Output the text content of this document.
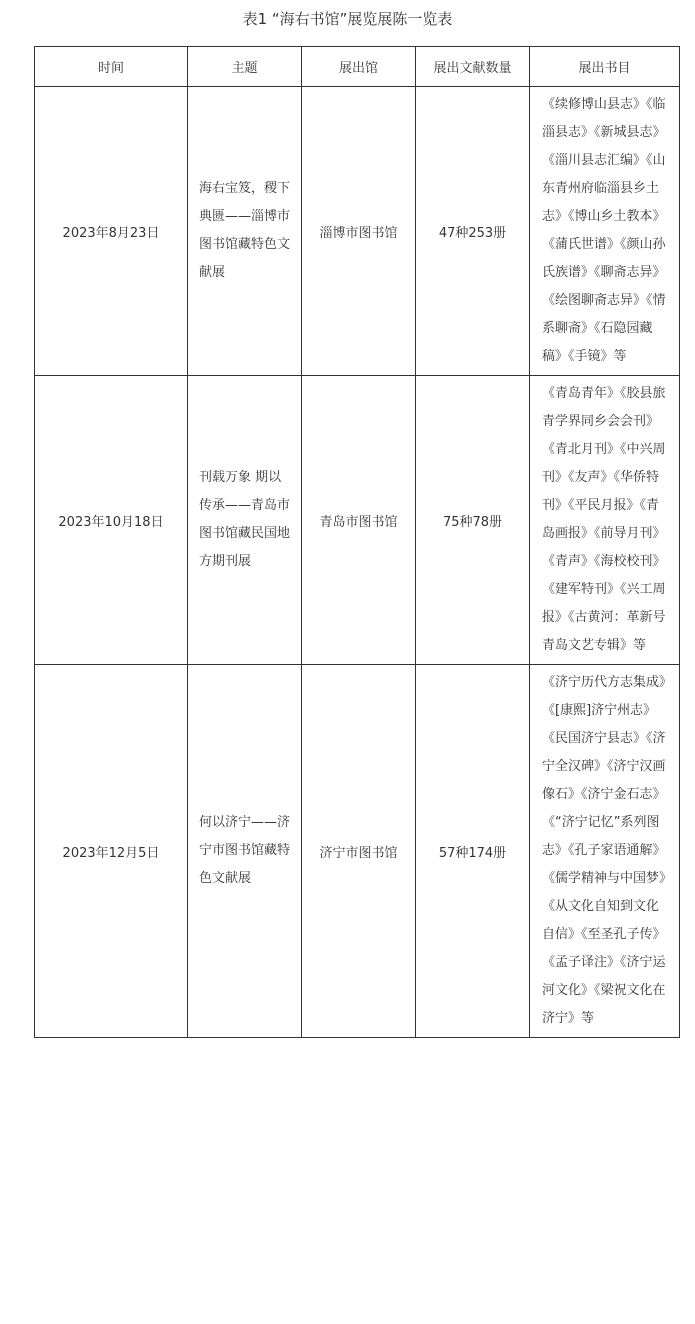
表1 “海右书馆”展览展陈一览表
时间	主题	展出馆	展出文献数量	展出书目
2023年8月23日	海右宝笈，稷下典匮——淄博市图书馆藏特色文献展	淄博市图书馆	47种253册	《续修博山县志》《临淄县志》《新城县志》《淄川县志汇编》《山东青州府临淄县乡土志》《博山乡土教本》《蒲氏世谱》《颜山孙氏族谱》《聊斋志异》《绘图聊斋志异》《情系聊斋》《石隐园藏稿》《手镜》等
2023年10月18日	刊载万象 期以传承——青岛市图书馆藏民国地方期刊展	青岛市图书馆	75种78册	《青岛青年》《胶县旅青学界同乡会会刊》《青北月刊》《中兴周刊》《友声》《华侨特刊》《平民月报》《青岛画报》《前导月刊》《青声》《海校校刊》《建军特刊》《兴工周报》《古黄河：革新号青岛文艺专辑》等
2023年12月5日	何以济宁——济宁市图书馆藏特色文献展	济宁市图书馆	57种174册	《济宁历代方志集成》《[康熙]济宁州志》《民国济宁县志》《济宁全汉碑》《济宁汉画像石》《济宁金石志》《“济宁记忆”系列图志》《孔子家语通解》《儒学精神与中国梦》《从文化自知到文化自信》《至圣孔子传》《孟子译注》《济宁运河文化》《梁祝文化在济宁》等
